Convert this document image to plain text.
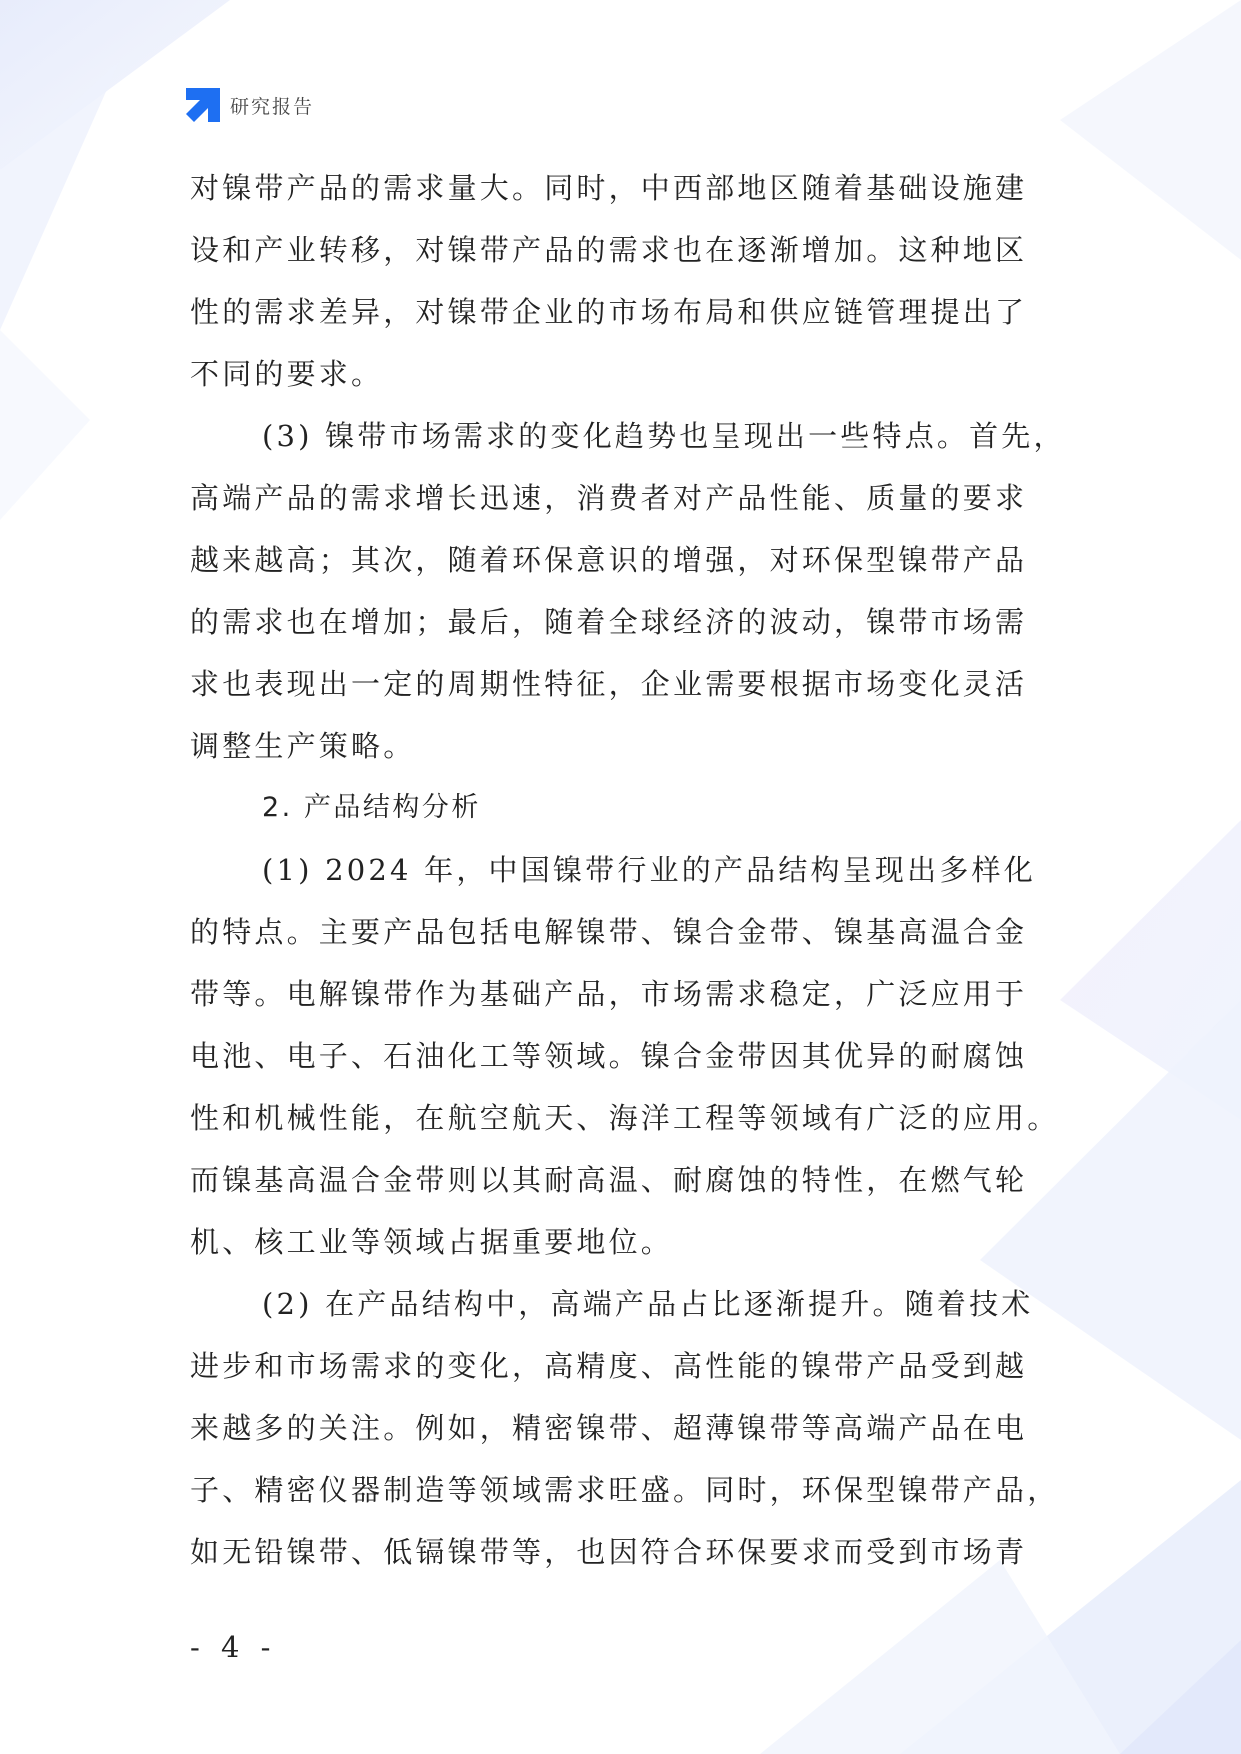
研究报告
对镍带产品的需求量大。同时，中西部地区随着基础设施建
设和产业转移，对镍带产品的需求也在逐渐增加。这种地区
性的需求差异，对镍带企业的市场布局和供应链管理提出了
不同的要求。
(3) 镍带市场需求的变化趋势也呈现出一些特点。首先，
高端产品的需求增长迅速，消费者对产品性能、质量的要求
越来越高；其次，随着环保意识的增强，对环保型镍带产品
的需求也在增加；最后，随着全球经济的波动，镍带市场需
求也表现出一定的周期性特征，企业需要根据市场变化灵活
调整生产策略。
2. 产品结构分析
(1) 2024 年，中国镍带行业的产品结构呈现出多样化
的特点。主要产品包括电解镍带、镍合金带、镍基高温合金
带等。电解镍带作为基础产品，市场需求稳定，广泛应用于
电池、电子、石油化工等领域。镍合金带因其优异的耐腐蚀
性和机械性能，在航空航天、海洋工程等领域有广泛的应用。
而镍基高温合金带则以其耐高温、耐腐蚀的特性，在燃气轮
机、核工业等领域占据重要地位。
(2) 在产品结构中，高端产品占比逐渐提升。随着技术
进步和市场需求的变化，高精度、高性能的镍带产品受到越
来越多的关注。例如，精密镍带、超薄镍带等高端产品在电
子、精密仪器制造等领域需求旺盛。同时，环保型镍带产品，
如无铅镍带、低镉镍带等，也因符合环保要求而受到市场青
- 4 -
